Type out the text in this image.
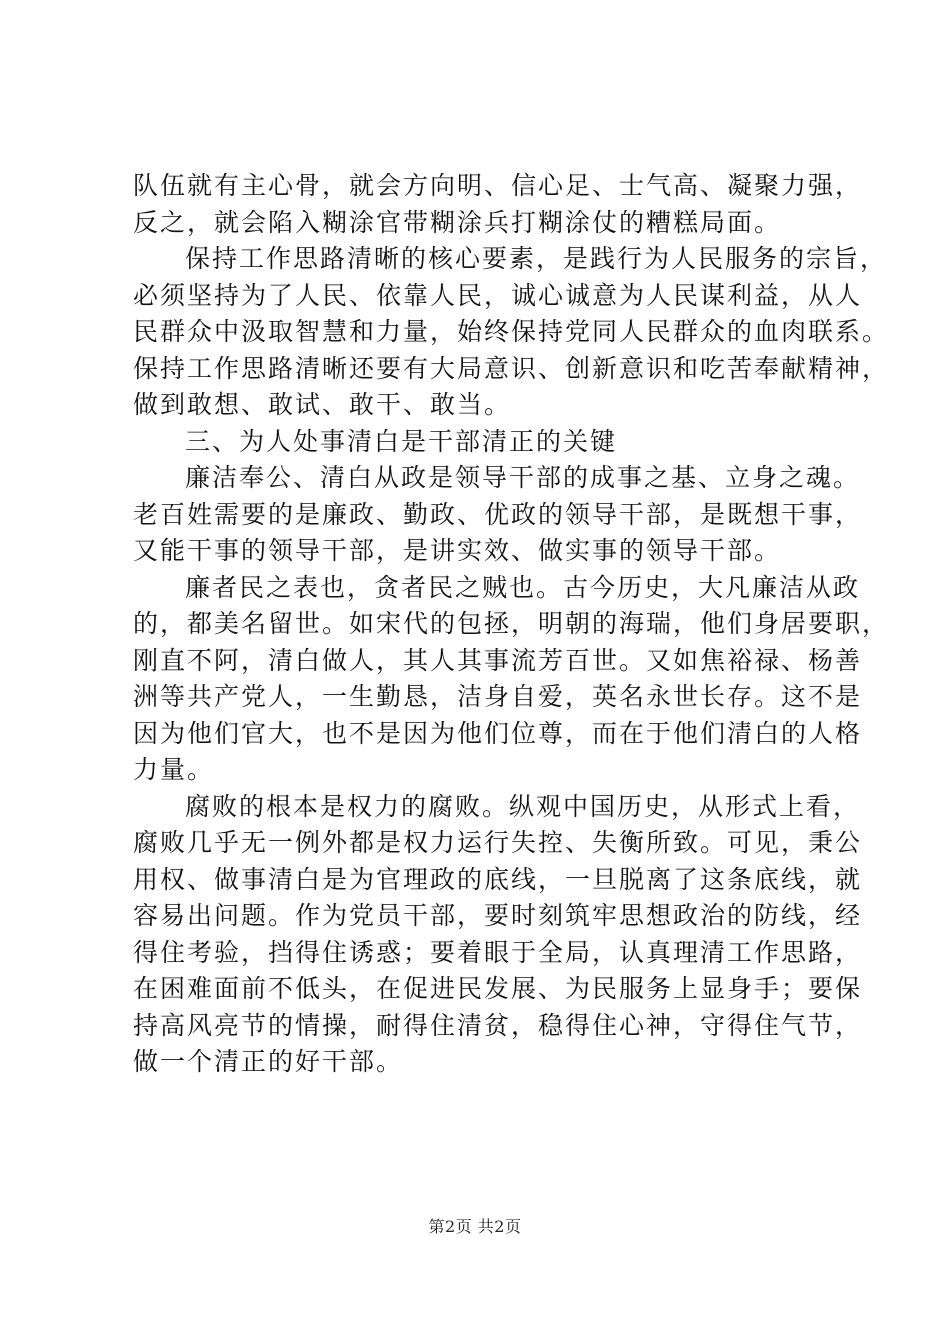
队伍就有主心骨，就会方向明、信心足、士气高、凝聚力强，
反之，就会陷入糊涂官带糊涂兵打糊涂仗的糟糕局面。
保持工作思路清晰的核心要素，是践行为人民服务的宗旨，
必须坚持为了人民、依靠人民，诚心诚意为人民谋利益，从人
民群众中汲取智慧和力量，始终保持党同人民群众的血肉联系。
保持工作思路清晰还要有大局意识、创新意识和吃苦奉献精神，
做到敢想、敢试、敢干、敢当。
三、为人处事清白是干部清正的关键
廉洁奉公、清白从政是领导干部的成事之基、立身之魂。
老百姓需要的是廉政、勤政、优政的领导干部，是既想干事，
又能干事的领导干部，是讲实效、做实事的领导干部。
廉者民之表也，贪者民之贼也。古今历史，大凡廉洁从政
的，都美名留世。如宋代的包拯，明朝的海瑞，他们身居要职，
刚直不阿，清白做人，其人其事流芳百世。又如焦裕禄、杨善
洲等共产党人，一生勤恳，洁身自爱，英名永世长存。这不是
因为他们官大，也不是因为他们位尊，而在于他们清白的人格
力量。
腐败的根本是权力的腐败。纵观中国历史，从形式上看，
腐败几乎无一例外都是权力运行失控、失衡所致。可见，秉公
用权、做事清白是为官理政的底线，一旦脱离了这条底线，就
容易出问题。作为党员干部，要时刻筑牢思想政治的防线，经
得住考验，挡得住诱惑；要着眼于全局，认真理清工作思路，
在困难面前不低头，在促进民发展、为民服务上显身手；要保
持高风亮节的情操，耐得住清贫，稳得住心神，守得住气节，
做一个清正的好干部。
第2页 共2页
